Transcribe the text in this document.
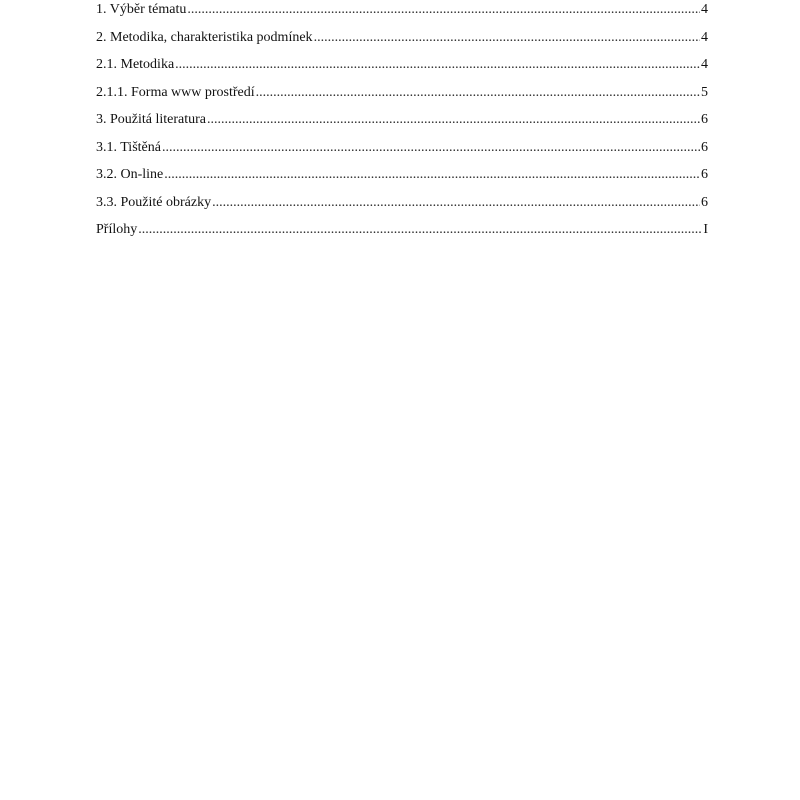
1. Výběr tématu .....	4
2. Metodika, charakteristika podmínek .....	4
2.1. Metodika .....	4
2.1.1. Forma www prostředí .....	5
3. Použitá literatura .....	6
3.1. Tištěná .....	6
3.2. On-line .....	6
3.3. Použité obrázky .....	6
Přílohy .....	I
